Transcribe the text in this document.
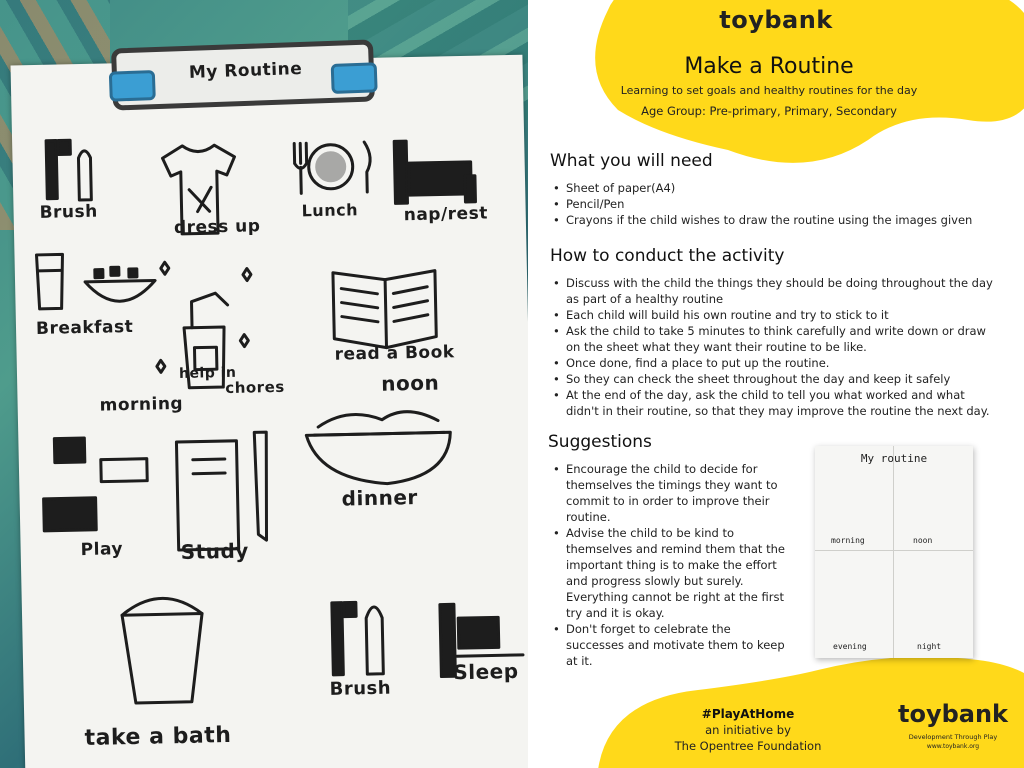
Brush
dress up
Lunch	nap/rest
Breakfast
help in
chores
morning
read a Book
noon
Play	Study
dinner
Brush
Sleep
take a bath
My Routine
toybank
Make a Routine
Learning to set goals and healthy routines for the day
Age Group: Pre-primary, Primary, Secondary
What you will need
• Sheet of paper(A4)
• Pencil/Pen
• Crayons if the child wishes to draw the routine using the images given
How to conduct the activity
• Discuss with the child the things they should be doing throughout the day as part of a healthy routine
• Each child will build his own routine and try to stick to it
• Ask the child to take 5 minutes to think carefully and write down or draw on the sheet what they want their routine to be like.
• Once done, find a place to put up the routine.
• So they can check the sheet throughout the day and keep it safely
• At the end of the day, ask the child to tell you what worked and what didn't in their routine, so that they may improve the routine the next day.
Suggestions
• Encourage the child to decide for themselves the timings they want to commit to in order to improve their routine.
• Advise the child to be kind to themselves and remind them that the important thing is to make the effort and progress slowly but surely. Everything cannot be right at the first try and it is okay.
• Don't forget to celebrate the successes and motivate them to keep at it.
My routine
morning	noon
evening	night
#PlayAtHome
an initiative by
The Opentree Foundation
toybank
Development Through Play
www.toybank.org
